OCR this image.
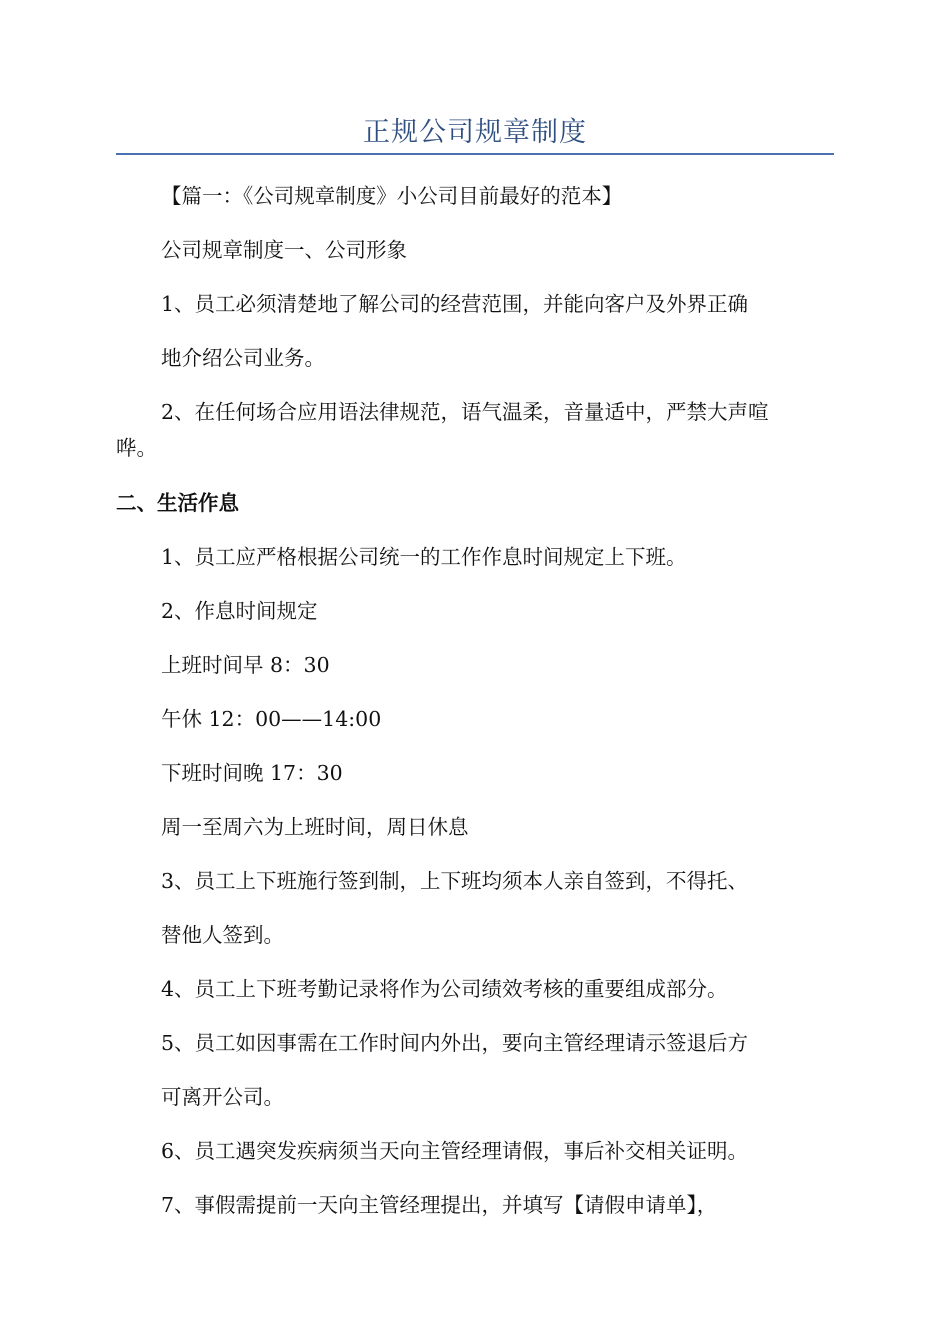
正规公司规章制度
【篇一：《公司规章制度》小公司目前最好的范本】
公司规章制度一、公司形象
1、员工必须清楚地了解公司的经营范围，并能向客户及外界正确
地介绍公司业务。
2、在任何场合应用语法律规范，语气温柔，音量适中，严禁大声喧
哗。
二、生活作息
1、员工应严格根据公司统一的工作作息时间规定上下班。
2、作息时间规定
上班时间早 8：30
午休 12：00——14:00
下班时间晚 17：30
周一至周六为上班时间，周日休息
3、员工上下班施行签到制，上下班均须本人亲自签到，不得托、
替他人签到。
4、员工上下班考勤记录将作为公司绩效考核的重要组成部分。
5、员工如因事需在工作时间内外出，要向主管经理请示签退后方
可离开公司。
6、员工遇突发疾病须当天向主管经理请假，事后补交相关证明。
7、事假需提前一天向主管经理提出，并填写【请假申请单】，
